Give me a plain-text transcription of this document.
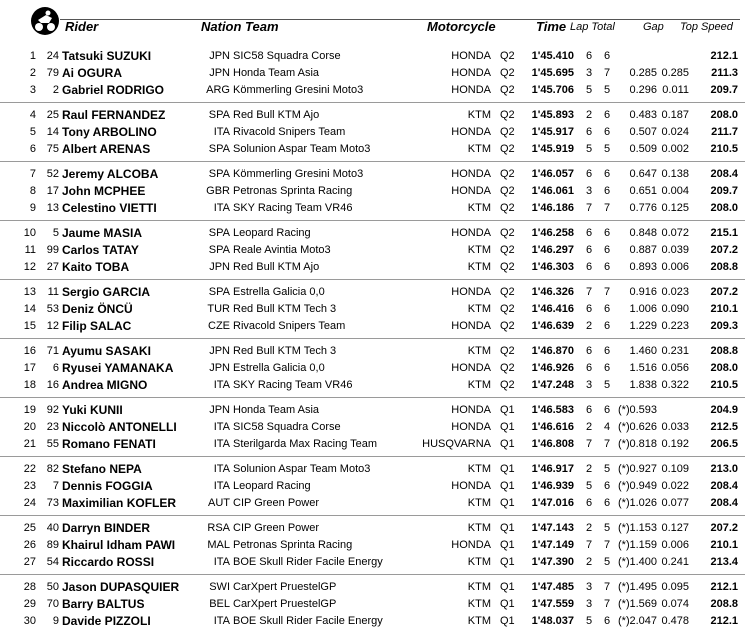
Rider	Nation Team	Motorcycle	Time Lap Total	Gap Top Speed
1 24 Tatsuki SUZUKI	JPN SIC58 Squadra Corse	HONDA Q2 1'45.410 6 6	212.1
2 79 Ai OGURA	JPN Honda Team Asia	HONDA Q2 1'45.695 3 7 0.285 0.285 211.3
3 2 Gabriel RODRIGO	ARG Kömmerling Gresini Moto3	HONDA Q2 1'45.706 5 5 0.296 0.011 209.7
4 25 Raul FERNANDEZ	SPA Red Bull KTM Ajo	KTM Q2 1'45.893 2 6 0.483 0.187 208.0
5 14 Tony ARBOLINO	ITA Rivacold Snipers Team	HONDA Q2 1'45.917 6 6 0.507 0.024 211.7
6 75 Albert ARENAS	SPA Solunion Aspar Team Moto3	KTM Q2 1'45.919 5 5 0.509 0.002 210.5
7 52 Jeremy ALCOBA	SPA Kömmerling Gresini Moto3	HONDA Q2 1'46.057 6 6 0.647 0.138 208.4
8 17 John MCPHEE	GBR Petronas Sprinta Racing	HONDA Q2 1'46.061 3 6 0.651 0.004 209.7
9 13 Celestino VIETTI	ITA SKY Racing Team VR46	KTM Q2 1'46.186 7 7 0.776 0.125 208.0
10 5 Jaume MASIA	SPA Leopard Racing	HONDA Q2 1'46.258 6 6 0.848 0.072 215.1
11 99 Carlos TATAY	SPA Reale Avintia Moto3	KTM Q2 1'46.297 6 6 0.887 0.039 207.2
12 27 Kaito TOBA	JPN Red Bull KTM Ajo	KTM Q2 1'46.303 6 6 0.893 0.006 208.8
13 11 Sergio GARCIA	SPA Estrella Galicia 0,0	HONDA Q2 1'46.326 7 7 0.916 0.023 207.2
14 53 Deniz ÖNCÜ	TUR Red Bull KTM Tech 3	KTM Q2 1'46.416 6 6 1.006 0.090 210.1
15 12 Filip SALAC	CZE Rivacold Snipers Team	HONDA Q2 1'46.639 2 6 1.229 0.223 209.3
16 71 Ayumu SASAKI	JPN Red Bull KTM Tech 3	KTM Q2 1'46.870 6 6 1.460 0.231 208.8
17 6 Ryusei YAMANAKA	JPN Estrella Galicia 0,0	HONDA Q2 1'46.926 6 6 1.516 0.056 208.0
18 16 Andrea MIGNO	ITA SKY Racing Team VR46	KTM Q2 1'47.248 3 5 1.838 0.322 210.5
19 92 Yuki KUNII	JPN Honda Team Asia	HONDA Q1 1'46.583 6 6 (*) 0.593	204.9
20 23 Niccolò ANTONELLI	ITA SIC58 Squadra Corse	HONDA Q1 1'46.616 2 4 (*) 0.626 0.033 212.5
21 55 Romano FENATI	ITA Sterilgarda Max Racing Team	HUSQVARNA Q1 1'46.808 7 7 (*) 0.818 0.192 206.5
22 82 Stefano NEPA	ITA Solunion Aspar Team Moto3	KTM Q1 1'46.917 2 5 (*) 0.927 0.109 213.0
23 7 Dennis FOGGIA	ITA Leopard Racing	HONDA Q1 1'46.939 5 6 (*) 0.949 0.022 208.4
24 73 Maximilian KOFLER	AUT CIP Green Power	KTM Q1 1'47.016 6 6 (*) 1.026 0.077 208.4
25 40 Darryn BINDER	RSA CIP Green Power	KTM Q1 1'47.143 2 5 (*) 1.153 0.127 207.2
26 89 Khairul Idham PAWI	MAL Petronas Sprinta Racing	HONDA Q1 1'47.149 7 7 (*) 1.159 0.006 210.1
27 54 Riccardo ROSSI	ITA BOE Skull Rider Facile Energy	KTM Q1 1'47.390 2 5 (*) 1.400 0.241 213.4
28 50 Jason DUPASQUIER	SWI CarXpert PruestelGP	KTM Q1 1'47.485 3 7 (*) 1.495 0.095 212.1
29 70 Barry BALTUS	BEL CarXpert PruestelGP	KTM Q1 1'47.559 3 7 (*) 1.569 0.074 208.8
30 9 Davide PIZZOLI	ITA BOE Skull Rider Facile Energy	KTM Q1 1'48.037 5 6 (*) 2.047 0.478 212.1
